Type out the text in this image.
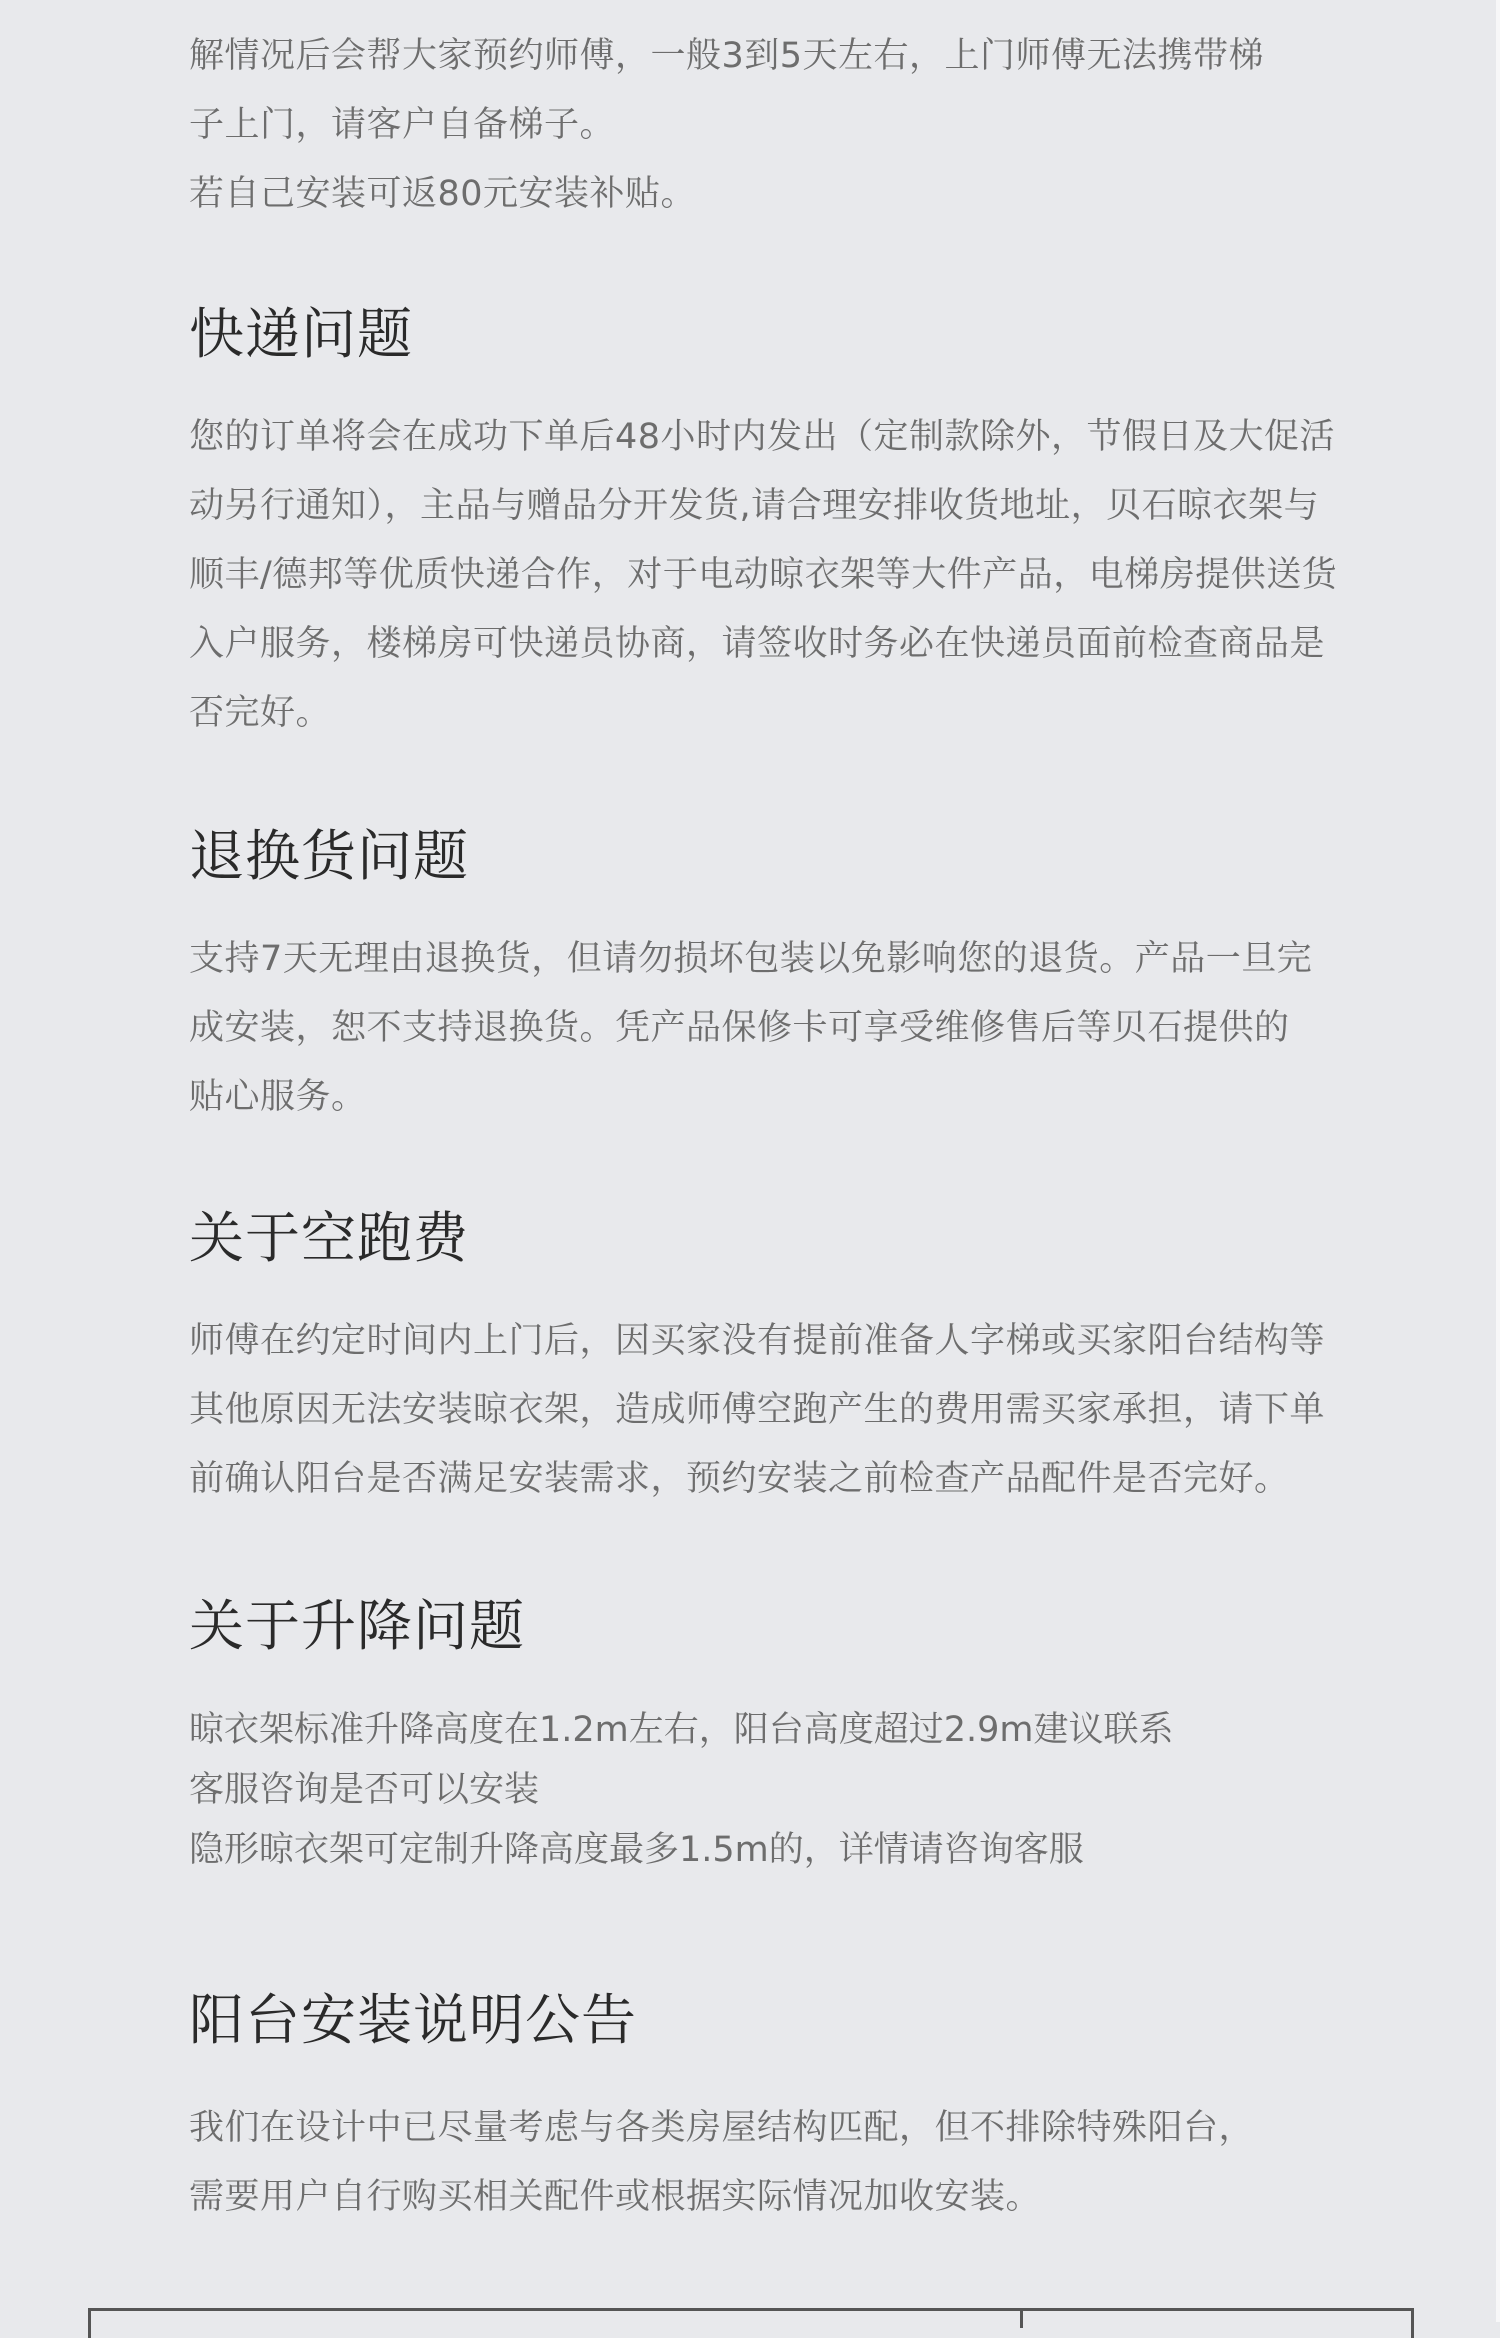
解情况后会帮大家预约师傅，一般3到5天左右，上门师傅无法携带梯
子上门，请客户自备梯子。
若自己安装可返80元安装补贴。

快递问题

您的订单将会在成功下单后48小时内发出（定制款除外，节假日及大促活
动另行通知），主品与赠品分开发货,请合理安排收货地址，贝石晾衣架与
顺丰/德邦等优质快递合作，对于电动晾衣架等大件产品，电梯房提供送货
入户服务，楼梯房可快递员协商，请签收时务必在快递员面前检查商品是
否完好。

退换货问题

支持7天无理由退换货，但请勿损坏包装以免影响您的退货。产品一旦完
成安装，恕不支持退换货。凭产品保修卡可享受维修售后等贝石提供的
贴心服务。

关于空跑费

师傅在约定时间内上门后，因买家没有提前准备人字梯或买家阳台结构等
其他原因无法安装晾衣架，造成师傅空跑产生的费用需买家承担，请下单
前确认阳台是否满足安装需求，预约安装之前检查产品配件是否完好。

关于升降问题

晾衣架标准升降高度在1.2m左右，阳台高度超过2.9m建议联系
客服咨询是否可以安装
隐形晾衣架可定制升降高度最多1.5m的，详情请咨询客服

阳台安装说明公告

我们在设计中已尽量考虑与各类房屋结构匹配，但不排除特殊阳台，
需要用户自行购买相关配件或根据实际情况加收安装。
